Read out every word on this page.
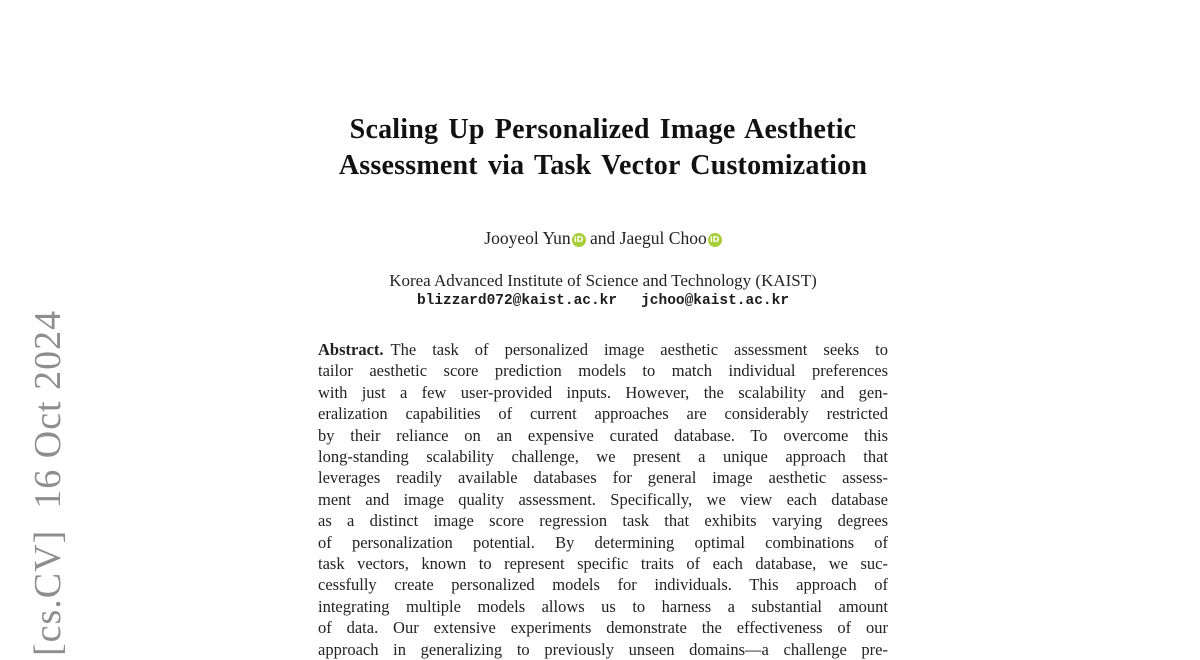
[cs.CV]  16 Oct 2024
Scaling Up Personalized Image Aesthetic
Assessment via Task Vector Customization
Jooyeol Yun iD and Jaegul Choo iD
Korea Advanced Institute of Science and Technology (KAIST)
blizzard072@kaist.ac.kr jchoo@kaist.ac.kr
Abstract. The task of personalized image aesthetic assessment seeks to
tailor aesthetic score prediction models to match individual preferences
with just a few user-provided inputs. However, the scalability and gen-
eralization capabilities of current approaches are considerably restricted
by their reliance on an expensive curated database. To overcome this
long-standing scalability challenge, we present a unique approach that
leverages readily available databases for general image aesthetic assess-
ment and image quality assessment. Specifically, we view each database
as a distinct image score regression task that exhibits varying degrees
of personalization potential. By determining optimal combinations of
task vectors, known to represent specific traits of each database, we suc-
cessfully create personalized models for individuals. This approach of
integrating multiple models allows us to harness a substantial amount
of data. Our extensive experiments demonstrate the effectiveness of our
approach in generalizing to previously unseen domains—a challenge pre-
